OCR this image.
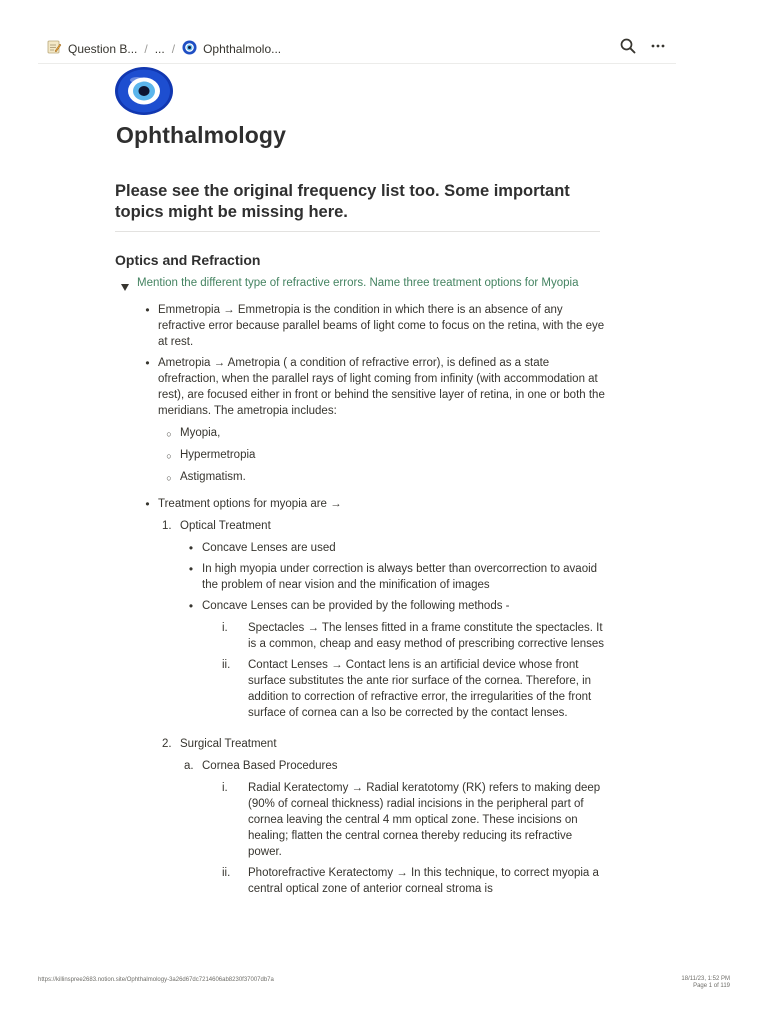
Question B... / ... / Ophthalmolo...
Ophthalmology
Please see the original frequency list too. Some important topics might be missing here.
Optics and Refraction
Mention the different type of refractive errors. Name three treatment options for Myopia
• Emmetropia → Emmetropia is the condition in which there is an absence of any refractive error because parallel beams of light come to focus on the retina, with the eye at rest.
• Ametropia → Ametropia ( a condition of refractive error), is defined as a state ofrefraction, when the parallel rays of light coming from infinity (with accommodation at rest), are focused either in front or behind the sensitive layer of retina, in one or both the meridians. The ametropia includes:
○ Myopia,
○ Hypermetropia
○ Astigmatism.
• Treatment options for myopia are →
1. Optical Treatment
• Concave Lenses are used
• In high myopia under correction is always better than overcorrection to avaoid the problem of near vision and the minification of images
• Concave Lenses can be provided by the following methods -
i.	Spectacles → The lenses fitted in a frame constitute the spectacles. It is a common, cheap and easy method of prescribing corrective lenses
ii.	Contact Lenses → Contact lens is an artificial device whose front surface substitutes the ante rior surface of the cornea. Therefore, in addition to correction of refractive error, the irregularities of the front surface of cornea can a lso be corrected by the contact lenses.
2. Surgical Treatment
a. Cornea Based Procedures
i.	Radial Keratectomy → Radial keratotomy (RK) refers to making deep (90% of corneal thickness) radial incisions in the peripheral part of cornea leaving the central 4 mm optical zone. These incisions on healing; flatten the central cornea thereby reducing its refractive power.
ii.	Photorefractive Keratectomy → In this technique, to correct myopia a central optical zone of anterior corneal stroma is
https://killinspree2683.notion.site/Ophthalmology-3a26d67dc7214606ab8230f37007db7a	18/11/23, 1:52 PM
Page 1 of 119
